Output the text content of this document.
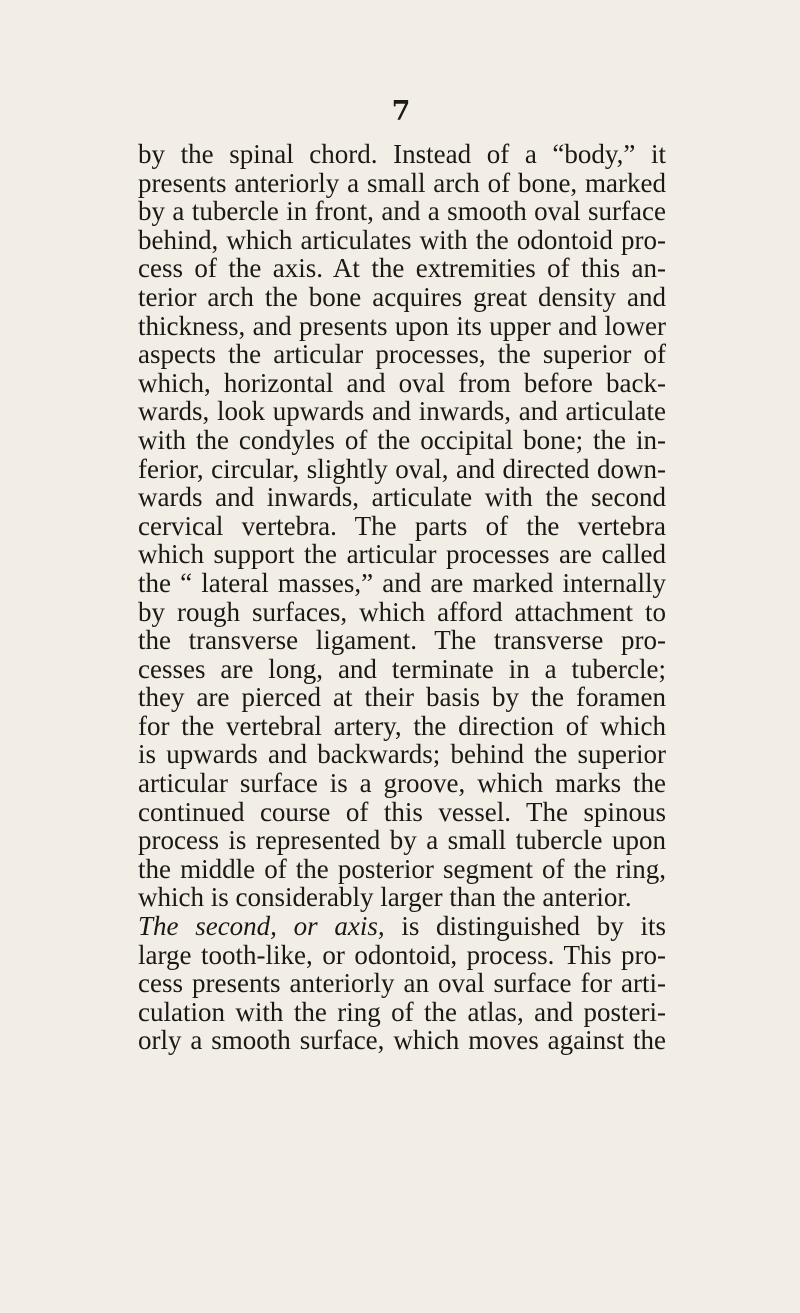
7
by the spinal chord. Instead of a “body,” it
presents anteriorly a small arch of bone, marked
by a tubercle in front, and a smooth oval surface
behind, which articulates with the odontoid pro-
cess of the axis. At the extremities of this an-
terior arch the bone acquires great density and
thickness, and presents upon its upper and lower
aspects the articular processes, the superior of
which, horizontal and oval from before back-
wards, look upwards and inwards, and articulate
with the condyles of the occipital bone; the in-
ferior, circular, slightly oval, and directed down-
wards and inwards, articulate with the second
cervical vertebra. The parts of the vertebra
which support the articular processes are called
the “ lateral masses,” and are marked internally
by rough surfaces, which afford attachment to
the transverse ligament. The transverse pro-
cesses are long, and terminate in a tubercle;
they are pierced at their basis by the foramen
for the vertebral artery, the direction of which
is upwards and backwards; behind the superior
articular surface is a groove, which marks the
continued course of this vessel. The spinous
process is represented by a small tubercle upon
the middle of the posterior segment of the ring,
which is considerably larger than the anterior.
The second, or axis, is distinguished by its
large tooth-like, or odontoid, process. This pro-
cess presents anteriorly an oval surface for arti-
culation with the ring of the atlas, and posteri-
orly a smooth surface, which moves against the
